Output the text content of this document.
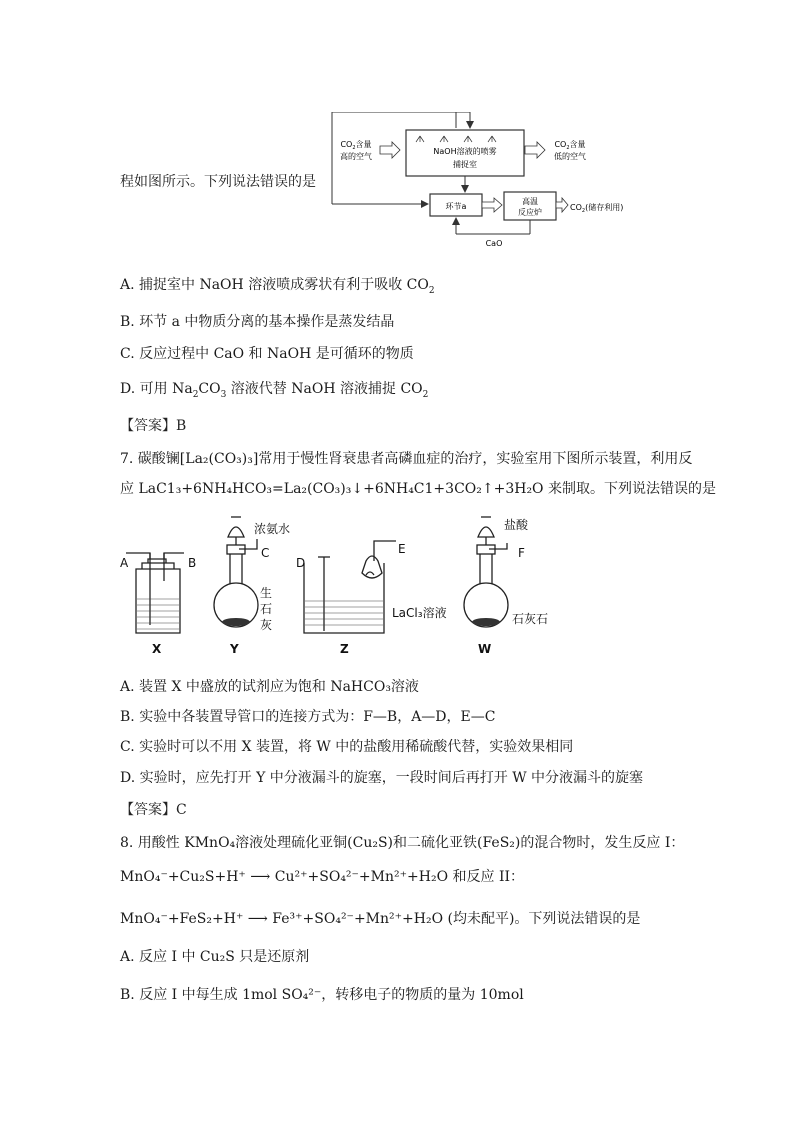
程如图所示。下列说法错误的是
$CO_2$含量
高的空气
NaOH溶液的喷雾
捕捉室
$CO_2$含量
低的空气
环节a
高温
反应炉
$CO_2$(储存利用)
CaO
A. 捕捉室中 NaOH 溶液喷成雾状有利于吸收 $CO_2$
B. 环节 a 中物质分离的基本操作是蒸发结晶
C. 反应过程中 CaO 和 NaOH 是可循环的物质
D. 可用 $Na_2CO_3$ 溶液代替 NaOH 溶液捕捉 $CO_2$
【答案】B
7. 碳酸镧[La₂(CO₃)₃]常用于慢性肾衰患者高磷血症的治疗，实验室用下图所示装置，利用反
应 LaC1₃+6NH₄HCO₃=La₂(CO₃)₃↓+6NH₄C1+3CO₂↑+3H₂O 来制取。下列说法错误的是
A	B
C
D
E	F
浓氨水
生
石
灰
LaCl₃溶液
盐酸
石灰石
X	Y	Z	W
A. 装置 X 中盛放的试剂应为饱和 NaHCO₃溶液
B. 实验中各装置导管口的连接方式为：F—B，A—D，E—C
C. 实验时可以不用 X 装置，将 W 中的盐酸用稀硫酸代替，实验效果相同
D. 实验时，应先打开 Y 中分液漏斗的旋塞，一段时间后再打开 W 中分液漏斗的旋塞
【答案】C
8. 用酸性 KMnO₄溶液处理硫化亚铜(Cu₂S)和二硫化亚铁(FeS₂)的混合物时，发生反应 I：
MnO₄⁻+Cu₂S+H⁺ ⟶ Cu²⁺+SO₄²⁻+Mn²⁺+H₂O 和反应 II：
MnO₄⁻+FeS₂+H⁺ ⟶ Fe³⁺+SO₄²⁻+Mn²⁺+H₂O (均未配平)。下列说法错误的是
A. 反应 I 中 Cu₂S 只是还原剂
B. 反应 I 中每生成 1mol SO₄²⁻，转移电子的物质的量为 10mol
